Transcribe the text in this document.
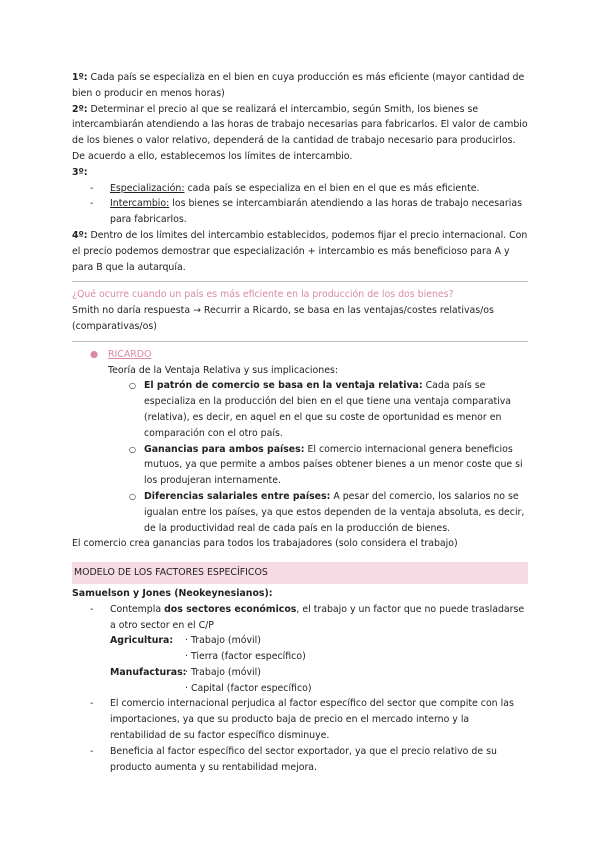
1º: Cada país se especializa en el bien en cuya producción es más eficiente (mayor cantidad de bien o producir en menos horas)

2º: Determinar el precio al que se realizará el intercambio, según Smith, los bienes se intercambiarán atendiendo a las horas de trabajo necesarias para fabricarlos. El valor de cambio de los bienes o valor relativo, dependerá de la cantidad de trabajo necesario para producirlos. De acuerdo a ello, establecemos los límites de intercambio.

3º:

- Especialización: cada país se especializa en el bien en el que es más eficiente.

- Intercambio: los bienes se intercambiarán atendiendo a las horas de trabajo necesarias para fabricarlos.

4º: Dentro de los límites del intercambio establecidos, podemos fijar el precio internacional. Con el precio podemos demostrar que especialización + intercambio es más beneficioso para A y para B que la autarquía.

¿Qué ocurre cuando un país es más eficiente en la producción de los dos bienes?

Smith no daría respuesta → Recurrir a Ricardo, se basa en las ventajas/costes relativas/os (comparativas/os)

● RICARDO

Teoría de la Ventaja Relativa y sus implicaciones:

○ El patrón de comercio se basa en la ventaja relativa: Cada país se especializa en la producción del bien en el que tiene una ventaja comparativa (relativa), es decir, en aquel en el que su coste de oportunidad es menor en comparación con el otro país.

○ Ganancias para ambos países: El comercio internacional genera beneficios mutuos, ya que permite a ambos países obtener bienes a un menor coste que si los produjeran internamente.

○ Diferencias salariales entre países: A pesar del comercio, los salarios no se igualan entre los países, ya que estos dependen de la ventaja absoluta, es decir, de la productividad real de cada país en la producción de bienes.

El comercio crea ganancias para todos los trabajadores (solo considera el trabajo)

MODELO DE LOS FACTORES ESPECÍFICOS

Samuelson y Jones (Neokeynesianos):

- Contempla dos sectores económicos, el trabajo y un factor que no puede trasladarse a otro sector en el C/P

Agricultura:	· Trabajo (móvil)
· Tierra (factor específico)
Manufacturas:
· Trabajo (móvil)
· Capital (factor específico)

- El comercio internacional perjudica al factor específico del sector que compite con las importaciones, ya que su producto baja de precio en el mercado interno y la rentabilidad de su factor específico disminuye.

- Beneficia al factor específico del sector exportador, ya que el precio relativo de su producto aumenta y su rentabilidad mejora.
